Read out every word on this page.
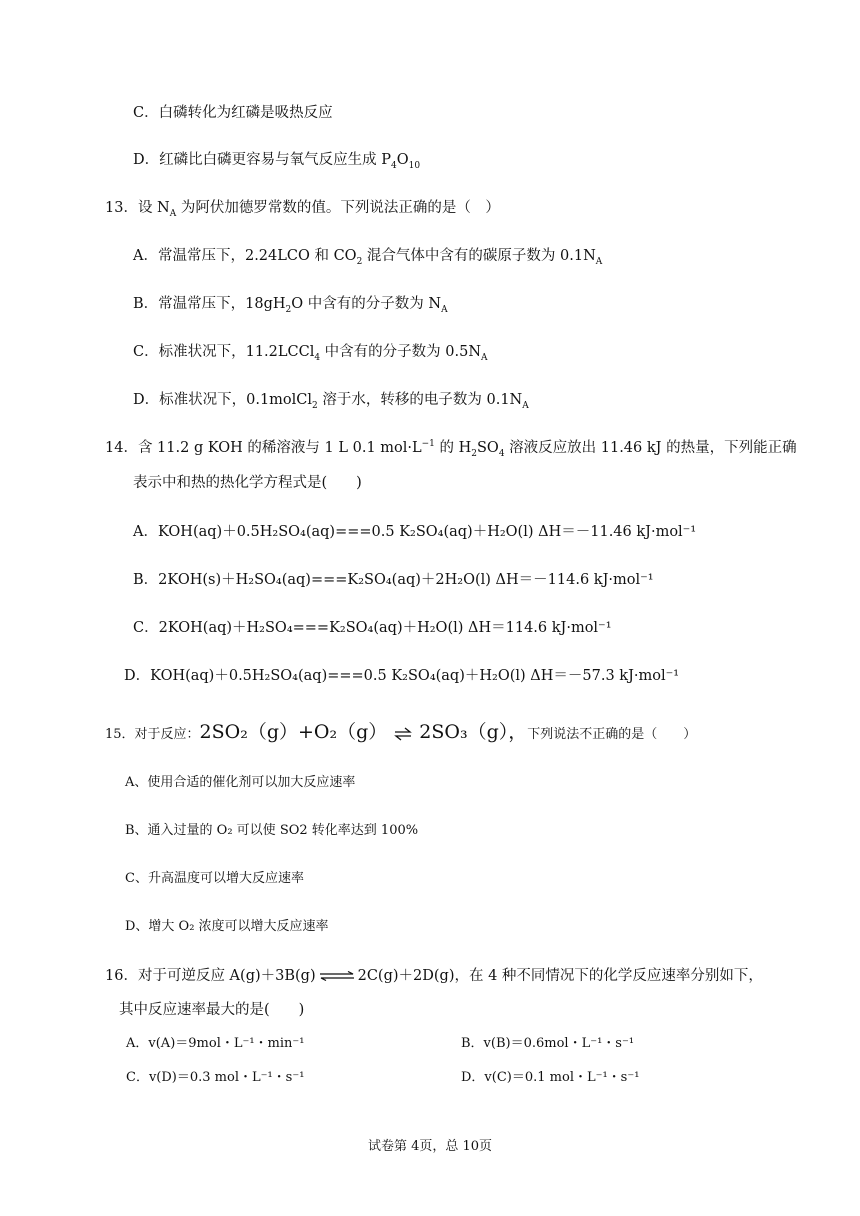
C．白磷转化为红磷是吸热反应
D．红磷比白磷更容易与氧气反应生成 $P_4O_{10}$
13．设 $N_A$ 为阿伏加德罗常数的值。下列说法正确的是（　）
A．常温常压下，2.24LCO 和 $CO_2$ 混合气体中含有的碳原子数为 $0.1N_A$
B．常温常压下，$18gH_2O$ 中含有的分子数为 $N_A$
C．标准状况下，11.2LCCl$_4$ 中含有的分子数为 $0.5N_A$
D．标准状况下，0.1molCl$_2$ 溶于水，转移的电子数为 $0.1N_A$
14．含 11.2 g KOH 的稀溶液与 1 L 0.1 $mol\cdot L^{-1}$ 的 $H_2SO_4$ 溶液反应放出 11.46 kJ 的热量，下列能正确
表示中和热的热化学方程式是(　　)
A．KOH(aq)＋0.5H₂SO₄(aq)===0.5 K₂SO₄(aq)＋H₂O(l) ΔH＝－11.46 kJ·mol⁻¹
B．2KOH(s)＋H₂SO₄(aq)===K₂SO₄(aq)＋2H₂O(l) ΔH＝－114.6 kJ·mol⁻¹
C．2KOH(aq)＋H₂SO₄===K₂SO₄(aq)＋H₂O(l) ΔH＝114.6 kJ·mol⁻¹
D．KOH(aq)＋0.5H₂SO₄(aq)===0.5 K₂SO₄(aq)＋H₂O(l) ΔH＝－57.3 kJ·mol⁻¹
15．对于反应：2SO₂（g）+O₂（g） ⇌ 2SO₃（g），下列说法不正确的是（　　）
A、使用合适的催化剂可以加大反应速率
B、通入过量的 O₂ 可以使 SO2 转化率达到 100%
C、升高温度可以增大反应速率
D、增大 O₂ 浓度可以增大反应速率
16．对于可逆反应 A(g)＋3B(g) ⇌ 2C(g)＋2D(g)，在 4 种不同情况下的化学反应速率分别如下，
其中反应速率最大的是(　　)
A．v(A)＝9mol・L⁻¹・min⁻¹	B．v(B)＝0.6mol・L⁻¹・s⁻¹
C．v(D)＝0.3 mol・L⁻¹・s⁻¹	D．v(C)＝0.1 mol・L⁻¹・s⁻¹
试卷第 4页，总 10页
